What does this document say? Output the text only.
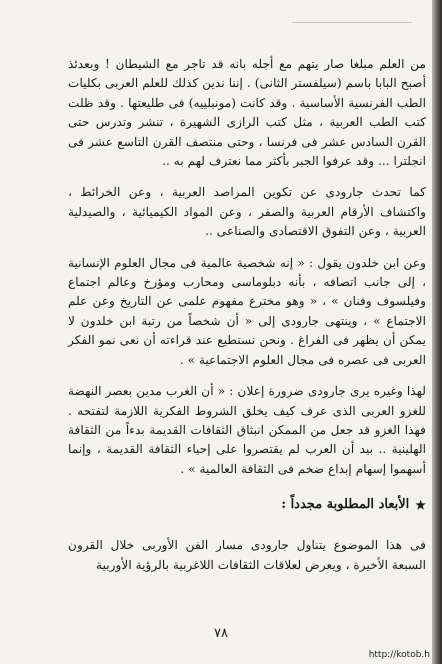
من العلم مبلغا صار يتهم مع أجله بانه قد تاجر مع الشيطان ! وبعدئذ أصبح البابا باسم (سيلفستر الثانى) . إننا ندين كذلك للعلم العربى بكليات الطب الفرنسية الأساسية . وقد كانت (مونبلييه) فى طليعتها . وقد ظلت كتب الطب العربية ، مثل كتب الرازى الشهيرة ، تنشر وتدرس حتى القرن السادس عشر فى فرنسا ، وحتى منتصف القرن التاسع عشر فى انجلترا ... وقد عرفوا الجبر بأكثر مما نعترف لهم به ..

كما تحدث جارودى عن تكوين المراصد العربية ، وعن الخرائط ، واكتشاف الأرقام العربية والصفر ، وعن المواد الكيميائية ، والصيدلية العربية ، وعن التفوق الاقتصادى والصناعى ..

وعن ابن خلدون يقول : « إنه شخصية عالمية فى مجال العلوم الإنسانية ، إلى جانب اتصافه ، بأنه دبلوماسى ومحارب ومؤرخ وعالم اجتماع وفيلسوف وفنان » ، « وهو مخترع مفهوم علمى عن التاريخ وعن علم الاجتماع » ، وينتهى جارودى إلى « أن شخصاً من رتبة ابن خلدون لا يمكن أن يظهر فى الفراغ . ونحن نستطيع عند قراءته أن نعى نمو الفكر العربى فى عصره فى مجال العلوم الاجتماعية » .

لهذا وغيره يرى جارودى ضرورة إعلان : « أن الغرب مدين بعصر النهضة للغزو العربى الذى عرف كيف يخلق الشروط الفكرية اللازمة لتفتحه . فهذا الغزو قد جعل من الممكن انبثاق الثقافات القديمة بدءاً من الثقافة الهلينية .. بيد أن العرب لم يقتصروا على إحياء الثقافة القديمة ، وإنما أسهموا إسهام إبداع ضخم فى الثقافة العالمية » .

★
الأبعاد المطلوبة مجدداً :

فى هذا الموضوع يتناول جارودى مسار الفن الأوربى خلال القرون السبعة الأخيرة ، ويعرض لعلاقات الثقافات اللاغربية بالرؤية الأوربية

٧٨
http://kotob.h
